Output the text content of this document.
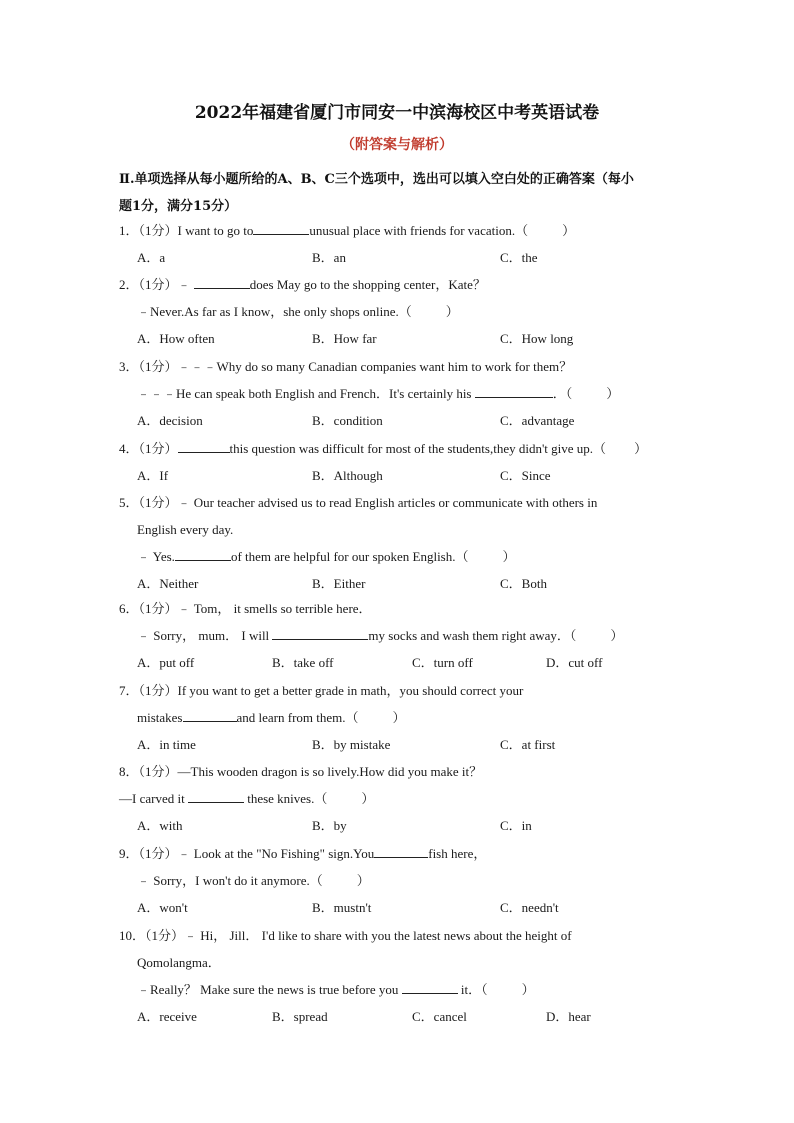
2022年福建省厦门市同安一中滨海校区中考英语试卷
（附答案与解析）
Ⅱ.单项选择从每小题所给的A、B、C三个选项中，选出可以填入空白处的正确答案（每小
题1分，满分15分）
1．（1分）I want to go to	unusual place with friends for vacation.（	）
A．a	B．an	C．the
2．（1分）﹣	does May go to the shopping center，Kate？
﹣Never.As far as I know，she only shops online.（	）
A．How often	B．How far	C．How long
3．（1分）﹣﹣﹣Why do so many Canadian companies want him to work for them？
﹣﹣﹣He can speak both English and French．It's certainly his	．（	）
A．decision	B．condition	C．advantage
4．（1分）	this question was difficult for most of the students,they didn't give up.（ ）
A．If	B．Although	C．Since
5．（1分）﹣ Our teacher advised us to read English articles or communicate with others in
English every day.
﹣ Yes.	of them are helpful for our spoken English.（	）
A．Neither	B．Either	C．Both
6．（1分）﹣ Tom， it smells so terrible here．
﹣ Sorry， mum． I will	my socks and wash them right away．（	）
A．put off	B．take off	C．turn off	D．cut off
7．（1分）If you want to get a better grade in math，you should correct your
mistakes	and learn from them.（	）
A．in time	B．by mistake	C．at first
8．（1分）—This wooden dragon is so lively.How did you make it？
—I carved it	these knives.（	）
A．with	B．by	C．in
9．（1分）﹣ Look at the "No Fishing" sign.You	fish here，
﹣ Sorry，I won't do it anymore.（	）
A．won't	B．mustn't	C．needn't
10．（1分）﹣ Hi， Jill． I'd like to share with you the latest news about the height of
Qomolangma．
﹣Really？ Make sure the news is true before you	it．（	）
A．receive	B．spread	C．cancel	D．hear
